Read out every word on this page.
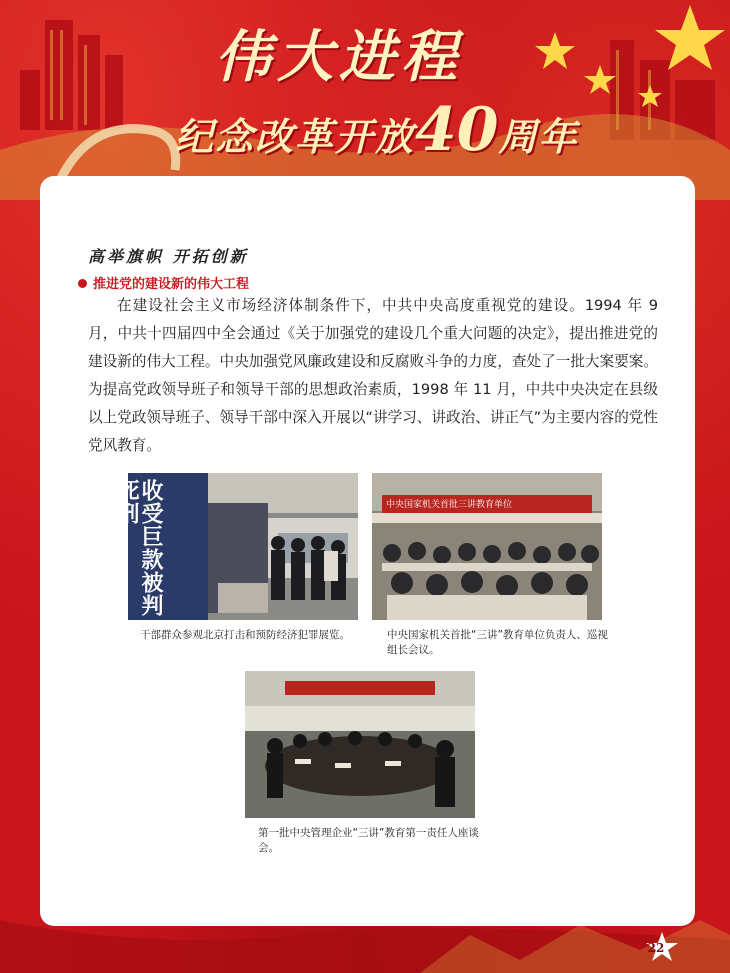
伟大进程
纪念改革开放40周年
高举旗帜 开拓创新
推进党的建设新的伟大工程

在建设社会主义市场经济体制条件下，中共中央高度重视党的建设。1994 年 9 月，中共十四届四中全会通过《关于加强党的建设几个重大问题的决定》，提出推进党的建设新的伟大工程。中央加强党风廉政建设和反腐败斗争的力度，查处了一批大案要案。为提高党政领导班子和领导干部的思想政治素质，1998 年 11 月，中共中央决定在县级以上党政领导班子、领导干部中深入开展以“讲学习、讲政治、讲正气”为主要内容的党性党风教育。

收受巨款被判死刑

干部群众参观北京打击和预防经济犯罪展览。

中央国家机关首批三讲教育单位

中央国家机关首批“三讲”教育单位负责人、巡视组长会议。

第一批中央管理企业“三讲”教育第一责任人座谈会。

22
